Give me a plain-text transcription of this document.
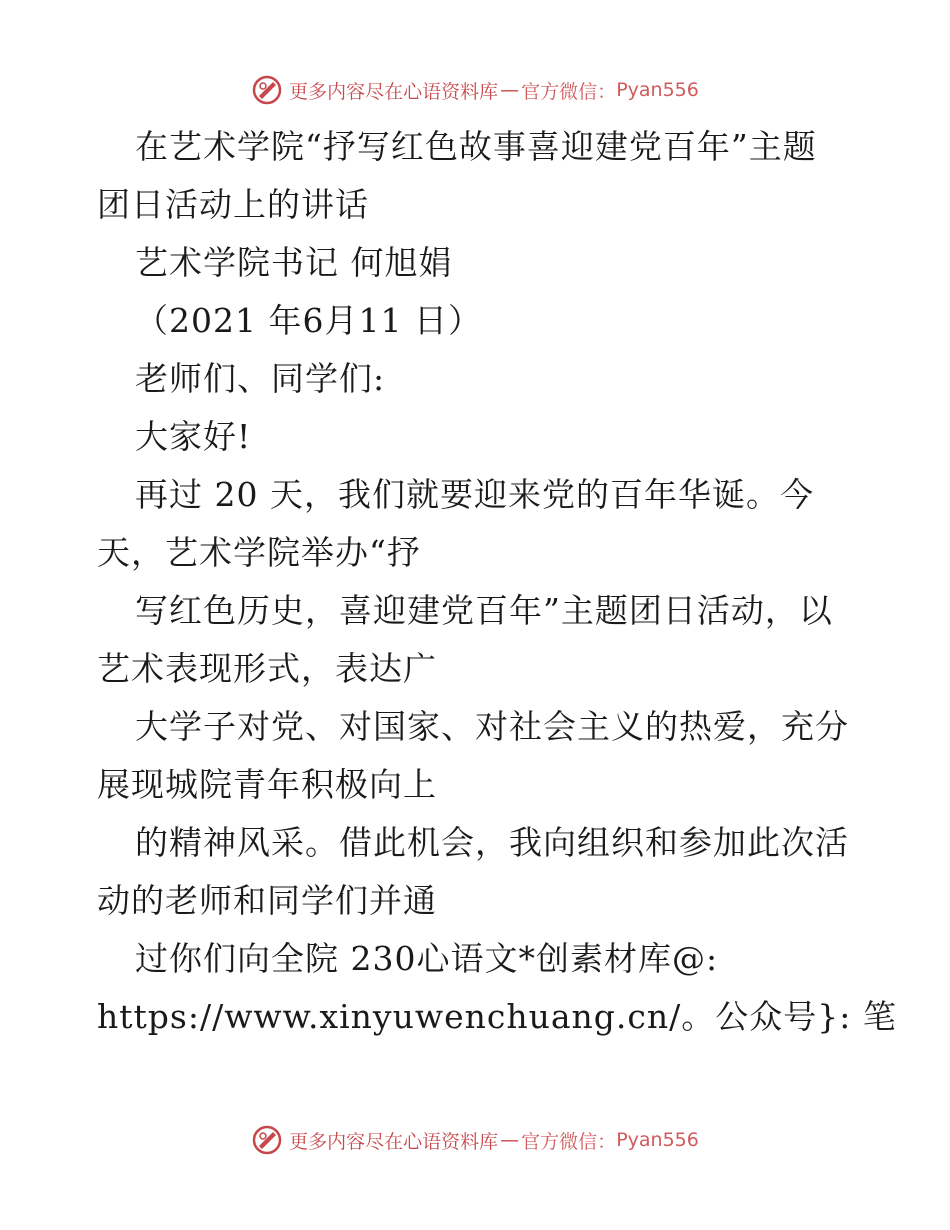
更多内容尽在心语资料库 — 官方微信： Pyan556
在艺术学院“抒写红色故事喜迎建党百年”主题
团日活动上的讲话
艺术学院书记 何旭娟
（2021 年6月11 日）
老师们、同学们:
大家好!
再过 20 天，我们就要迎来党的百年华诞。今
天，艺术学院举办“抒
写红色历史，喜迎建党百年”主题团日活动，以
艺术表现形式，表达广
大学子对党、对国家、对社会主义的热爱，充分
展现城院青年积极向上
的精神风采。借此机会，我向组织和参加此次活
动的老师和同学们并通
过你们向全院 230心语文*创素材库@:
https://www.xinyuwenchuang.cn/。公众号}: 笔
更多内容尽在心语资料库 — 官方微信： Pyan556
